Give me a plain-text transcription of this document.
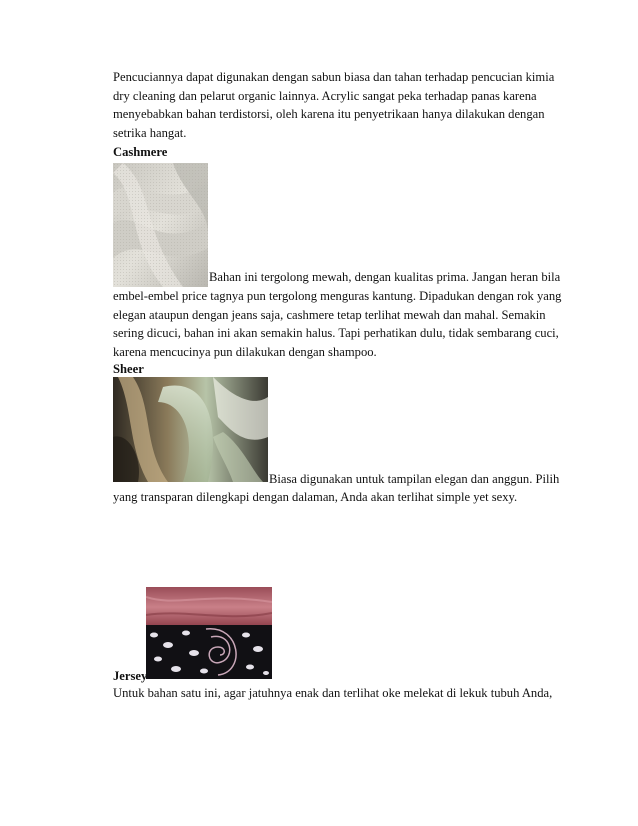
Pencuciannya dapat digunakan dengan sabun biasa dan tahan terhadap pencucian kimia
dry cleaning dan pelarut organic lainnya. Acrylic sangat peka terhadap panas karena
menyebabkan bahan terdistorsi, oleh karena itu penyetrikaan hanya dilakukan dengan
setrika hangat.
Cashmere
Bahan ini tergolong mewah, dengan kualitas prima. Jangan heran bila
embel-embel price tagnya pun tergolong menguras kantung. Dipadukan dengan rok yang
elegan ataupun dengan jeans saja, cashmere tetap terlihat mewah dan mahal. Semakin
sering dicuci, bahan ini akan semakin halus. Tapi perhatikan dulu, tidak sembarang cuci,
karena mencucinya pun dilakukan dengan shampoo.
Sheer
Biasa digunakan untuk tampilan elegan dan anggun. Pilih
yang transparan dilengkapi dengan dalaman, Anda akan terlihat simple yet sexy.
Jersey
Untuk bahan satu ini, agar jatuhnya enak dan terlihat oke melekat di lekuk tubuh Anda,
